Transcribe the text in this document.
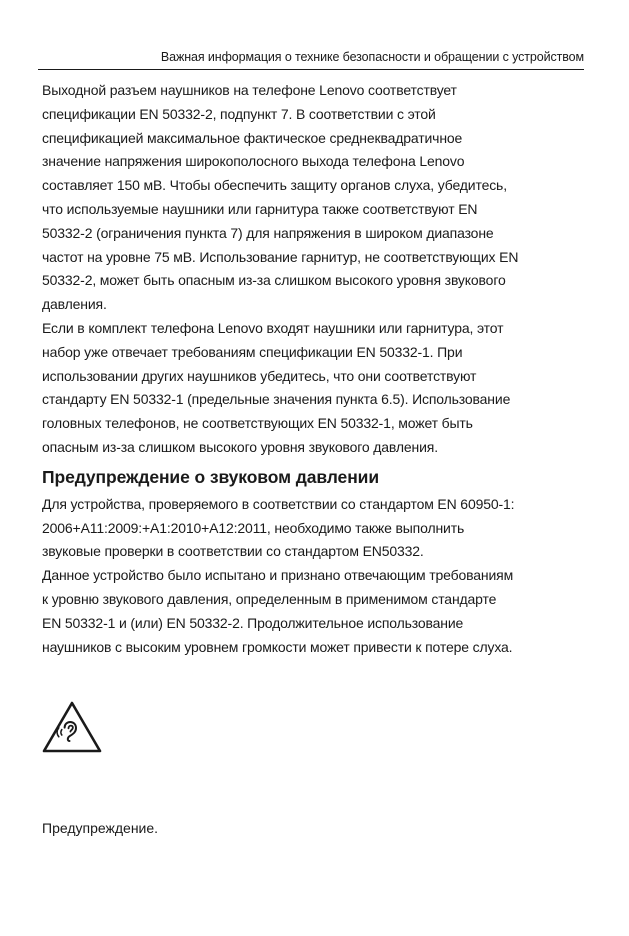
Важная информация о технике безопасности и обращении с устройством

Выходной разъем наушников на телефоне Lenovo соответствует

спецификации EN 50332-2, подпункт 7. В соответствии с этой

спецификацией максимальное фактическое среднеквадратичное

значение напряжения широкополосного выхода телефона Lenovo

составляет 150 мВ. Чтобы обеспечить защиту органов слуха, убедитесь,

что используемые наушники или гарнитура также соответствуют EN

50332-2 (ограничения пункта 7) для напряжения в широком диапазоне

частот на уровне 75 мВ. Использование гарнитур, не соответствующих EN

50332-2, может быть опасным из-за слишком высокого уровня звукового

давления.

Если в комплект телефона Lenovo входят наушники или гарнитура, этот

набор уже отвечает требованиям спецификации EN 50332-1. При

использовании других наушников убедитесь, что они соответствуют

стандарту EN 50332-1 (предельные значения пункта 6.5). Использование

головных телефонов, не соответствующих EN 50332-1, может быть

опасным из-за слишком высокого уровня звукового давления.

Предупреждение о звуковом давлении

Для устройства, проверяемого в соответствии со стандартом EN 60950-1:

2006+A11:2009:+A1:2010+A12:2011, необходимо также выполнить

звуковые проверки в соответствии со стандартом EN50332.

Данное устройство было испытано и признано отвечающим требованиям

к уровню звукового давления, определенным в применимом стандарте

EN 50332-1 и (или) EN 50332-2. Продолжительное использование

наушников с высоким уровнем громкости может привести к потере слуха.

Предупреждение.
